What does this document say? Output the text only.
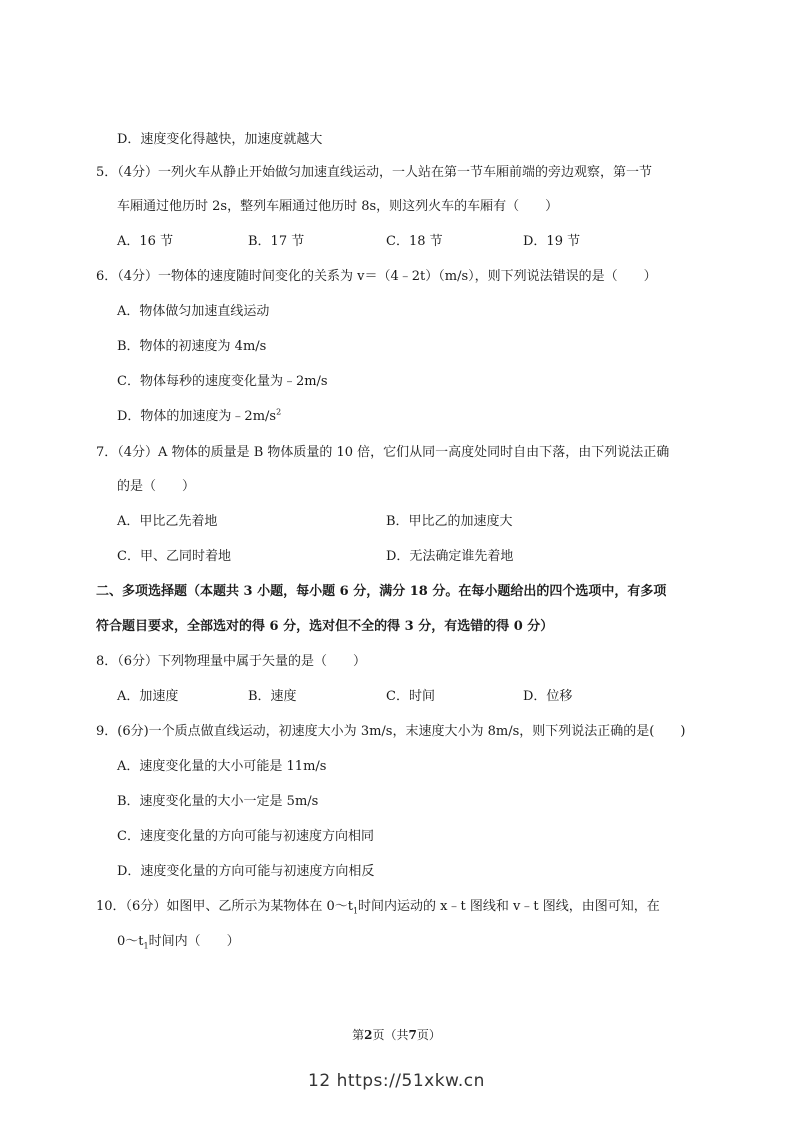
D．速度变化得越快，加速度就越大
5．（4分）一列火车从静止开始做匀加速直线运动，一人站在第一节车厢前端的旁边观察，第一节
车厢通过他历时 2s，整列车厢通过他历时 8s，则这列火车的车厢有（　　）
A．16 节	B．17 节	C．18 节	D．19 节
6．（4分）一物体的速度随时间变化的关系为 v＝（4﹣2t）（m/s），则下列说法错误的是（　　）
A．物体做匀加速直线运动
B．物体的初速度为 4m/s
C．物体每秒的速度变化量为﹣2m/s
D．物体的加速度为$﹣2m/s^2$
7．（4分）A 物体的质量是 B 物体质量的 10 倍，它们从同一高度处同时自由下落，由下列说法正确
的是（　　）
A．甲比乙先着地	B．甲比乙的加速度大
C．甲、乙同时着地	D．无法确定谁先着地
二、多项选择题（本题共 3 小题，每小题 6 分，满分 18 分。在每小题给出的四个选项中，有多项
符合题目要求，全部选对的得 6 分，选对但不全的得 3 分，有选错的得 0 分）
8．（6分）下列物理量中属于矢量的是（　　）
A．加速度	B．速度	C．时间	D．位移
9．(6分)一个质点做直线运动，初速度大小为 3m/s，末速度大小为 8m/s，则下列说法正确的是(　　)
A．速度变化量的大小可能是 11m/s
B．速度变化量的大小一定是 5m/s
C．速度变化量的方向可能与初速度方向相同
D．速度变化量的方向可能与初速度方向相反
10．（6分）如图甲、乙所示为某物体在 $0\sim t_1$时间内运动的 x﹣t 图线和 v﹣t 图线，由图可知，在
$0\sim t_1$时间内（　　）
第2页（共7页）
12 https://51xkw.cn
